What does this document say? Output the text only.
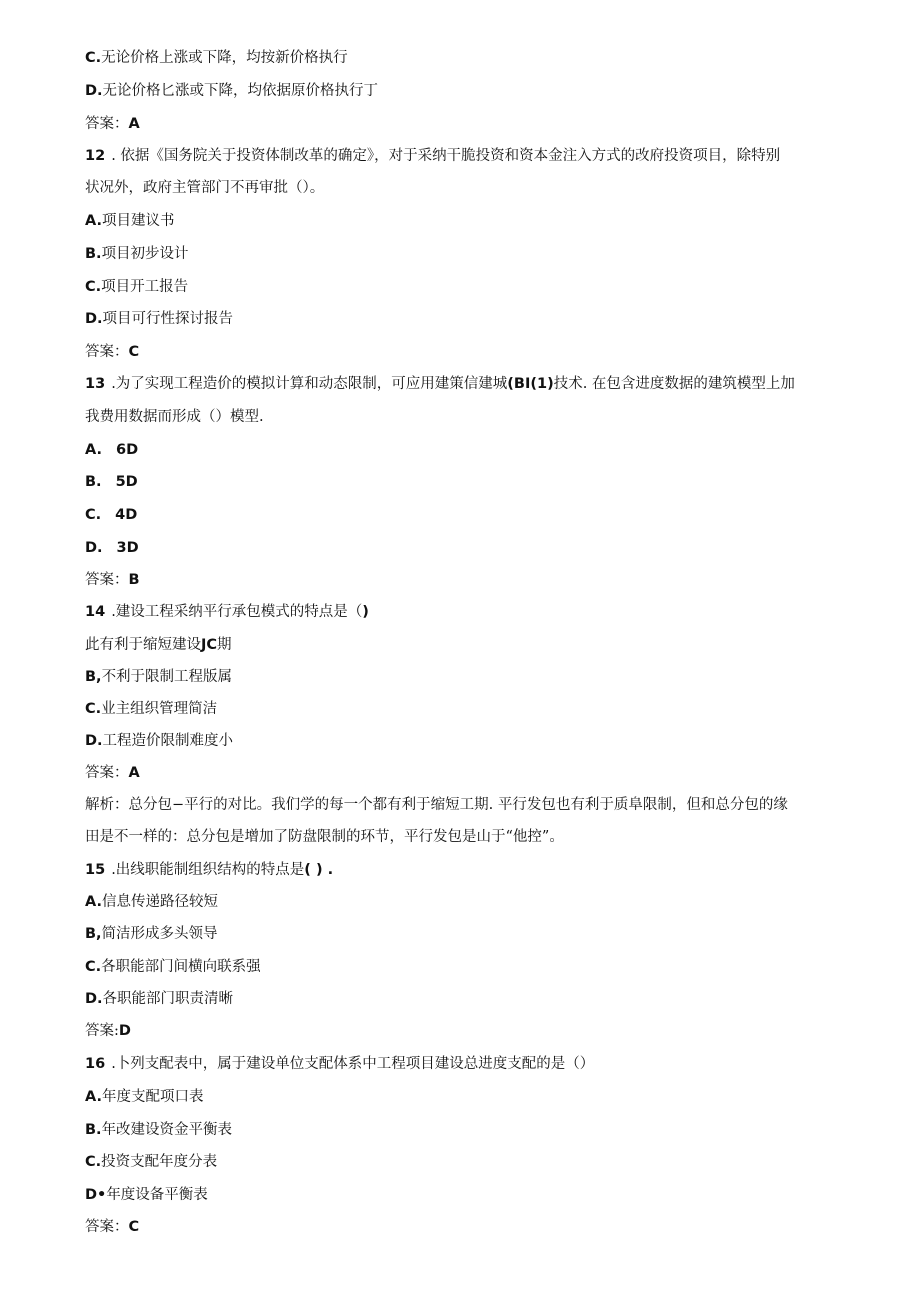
C.无论价格上涨或下降，均按新价格执行
D.无论价格匕涨或下降，均依据原价格执行丁
答案：A
12 . 依据《国务院关于投资体制改革的确定》，对于采纳干脆投资和资本金注入方式的改府投资项目，除特别
状况外，政府主管部门不再审批（）。
A.项目建议书
B.项目初步设计
C.项目开工报告
D.项目可行性探讨报告
答案：C
13 .为了实现工程造价的模拟计算和动态限制，可应用建策信建城(BI(1)技术. 在包含进度数据的建筑模型上加
我费用数据而形成（）模型.
A. 6D
B. 5D
C. 4D
D. 3D
答案：B
14 .建设工程采纳平行承包模式的特点是（)
此有利于缩短建设JC期
B,不利于限制工程版属
C.业主组织管理简洁
D.工程造价限制难度小
答案：A
解析：总分包−平行的对比。我们学的每一个都有利于缩短工期. 平行发包也有利于质阜限制，但和总分包的缘
田是不一样的：总分包是增加了防盘限制的环节，平行发包是山于“他控”。
15 .出线职能制组织结构的特点是( ) .
A.信息传递路径较短
B,简洁形成多头领导
C.各职能部门间横向联系强
D.各职能部门职责清晰
答案:D
16 .卜列支配表中，属于建设单位支配体系中工程项目建设总进度支配的是（）
A.年度支配项口表
B.年改建设资金平衡表
C.投资支配年度分表
D•年度设备平衡表
答案：C
